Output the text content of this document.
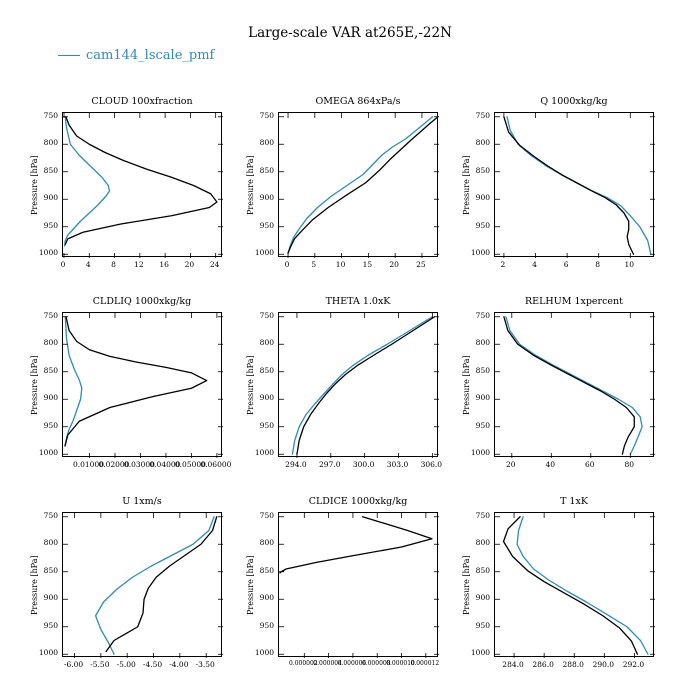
Large-scale VAR at265E,-22N
cam144_lscale_pmf
CLOUD 100xfraction
Pressure [hPa]
750
800
850
900
950
1000
0	4	8	12	16	20	24
OMEGA 864xPa/s
Pressure [hPa]
750
800
850
900
950
1000
0	5	10	15	20	25
Q 1000xkg/kg
Pressure [hPa]
750
800
850
900
950
1000
2	4	6	8	10
CLDLIQ 1000xkg/kg
Pressure [hPa]
750
800
850
900
950
1000
0.01000
0.02000
0.03000
0.04000
0.05000
0.06000
THETA 1.0xK
Pressure [hPa]
750
800
850
900
950
1000
294.0	297.0	300.0	303.0	306.0
RELHUM 1xpercent
Pressure [hPa]
750
800
850
900
950
1000
20	40	60	80
U 1xm/s
Pressure [hPa]
750
800
850
900
950
1000
-6.00 -5.50 -5.00 -4.50 -4.00 -3.50
CLDICE 1000xkg/kg
Pressure [hPa]
750
800
850
900
950
1000
0.000002
0.000004
0.000006
0.000008
0.000010
0.000012
T 1xK
Pressure [hPa]
750
800
850
900
950
1000
284.0	286.0	288.0	290.0	292.0
